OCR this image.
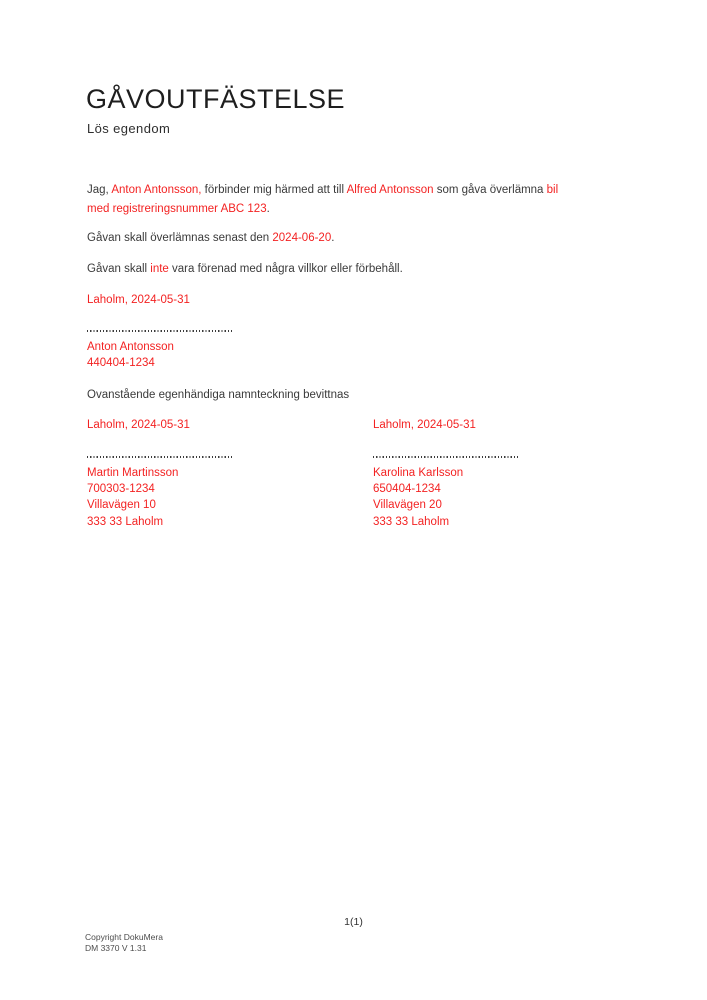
GÅVOUTFÄSTELSE
Lös egendom
Jag, Anton Antonsson, förbinder mig härmed att till Alfred Antonsson som gåva överlämna bil
med registreringsnummer ABC 123.
Gåvan skall överlämnas senast den 2024-06-20.
Gåvan skall inte vara förenad med några villkor eller förbehåll.
Laholm, 2024-05-31
Anton Antonsson
440404-1234
Ovanstående egenhändiga namnteckning bevittnas
Laholm, 2024-05-31
Martin Martinsson
700303-1234
Villavägen 10
333 33 Laholm
Laholm, 2024-05-31
Karolina Karlsson
650404-1234
Villavägen 20
333 33 Laholm
1(1)
Copyright DokuMera
DM 3370 V 1.31
